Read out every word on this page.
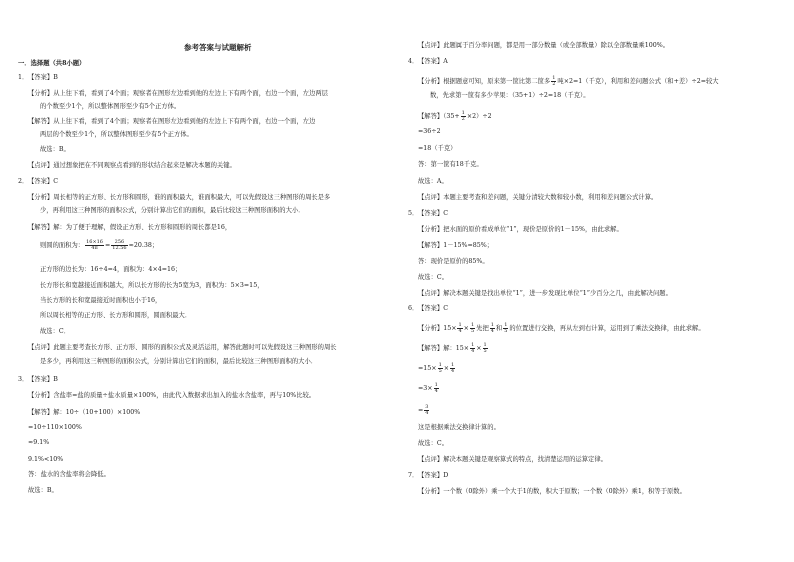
参考答案与试题解析
一．选择题（共8小题）
1． 【答案】B
【分析】从上往下看，看到了4个面；观察者在图形左边看到他的左边上下有两个面，右边一个面，左边两层
的个数至少1个，所以整体图形至少有5个正方体。
【解答】从上往下看，看到了4个面；观察者在图形左边看到他的左边上下有两个面，右边一个面，左边
两层的个数至少1个，所以整体图形至少有5个正方体。
故选：B。
【点评】通过想象把在不同观察点看到的形状结合起来是解决本题的关键。
2． 【答案】C
【分析】周长相等的正方形、长方形和圆形，谁的面积最大，谁面积最大，可以先假设这三种图形的周长是多
少，再利用这三种图形的面积公式，分别计算出它们的面积，最后比较这三种图形面积的大小．
【解答】解：为了便于理解，假设正方形、长方形和圆形的周长都是16，
则圆的面积为： $\frac{16\times 16}{4\pi} = \frac{256}{12.56} \approx 20.38$；
正方形的边长为：16÷4=4，面积为：4×4=16；
长方形长和宽越接近面积越大，所以长方形的长为5宽为3，面积为：5×3=15，
当长方形的长和宽最接近时面积也小于16，
所以周长相等的正方形、长方形和圆形，圆面积最大．
故选：C．
【点评】此题主要考查长方形、正方形、圆形的面积公式及灵活运用，解答此题时可以先假设这三种图形的周长
是多少，再利用这三种图形的面积公式，分别计算出它们的面积，最后比较这三种图形面积的大小．
3． 【答案】B
【分析】含盐率=盐的质量÷盐水质量×100%，由此代入数据求出加入的盐水含盐率，再与10%比较。
【解答】解：10÷（10+100）×100%
=10÷110×100%
≈9.1%
9.1%<10%
答：盐水的含盐率将会降低。
故选：B。
【点评】此题属于百分率问题，都是用一部分数量（或全部数量）除以全部数量乘100%。
4． 【答案】A
【分析】根据题意可知，原来第一筐比第二筐多 $\frac{1}{2}$ 吨×2=1（千克），利用和差问题公式（和+差）÷2=较大
数，先求第一筐有多少苹果：（35+1）÷2=18（千克）。
【解答】$(35+ \frac{1}{2} \times 2)\div 2$
=36÷2
=18（千克）
答：第一筐有18千克。
故选：A。
【点评】本题主要考查和差问题，关键分清较大数和较小数，利用和差问题公式计算。
5． 【答案】C
【分析】把水面的原价看成单位“1”，现价是原价的1－15%，由此求解。
【解答】1－15%=85%；
答：现价是原价的85%。
故选：C。
【点评】解决本题关键是找出单位“1”，进一步发现比单位“1”少百分之几，由此解决问题。
6． 【答案】C
【分析】$15\times \frac{1}{4} \times \frac{1}{5}$ 先把 $\frac{1}{4}$ 和 $\frac{1}{5}$ 的位置进行交换，再从左到右计算，运用到了乘法交换律，由此求解。
【解答】解：$15\times \frac{1}{4} \times \frac{1}{5}$
$=15\times \frac{1}{5} \times \frac{1}{4}$
$=3\times \frac{1}{4}$
= $\frac{3}{4}$
这是根据乘法交换律计算的。
故选：C。
【点评】解决本题关键是观察算式的特点，找清楚运用的运算定律。
7． 【答案】D
【分析】一个数（0除外）乘一个大于1的数，积大于原数；一个数（0除外）乘1，积等于原数。
